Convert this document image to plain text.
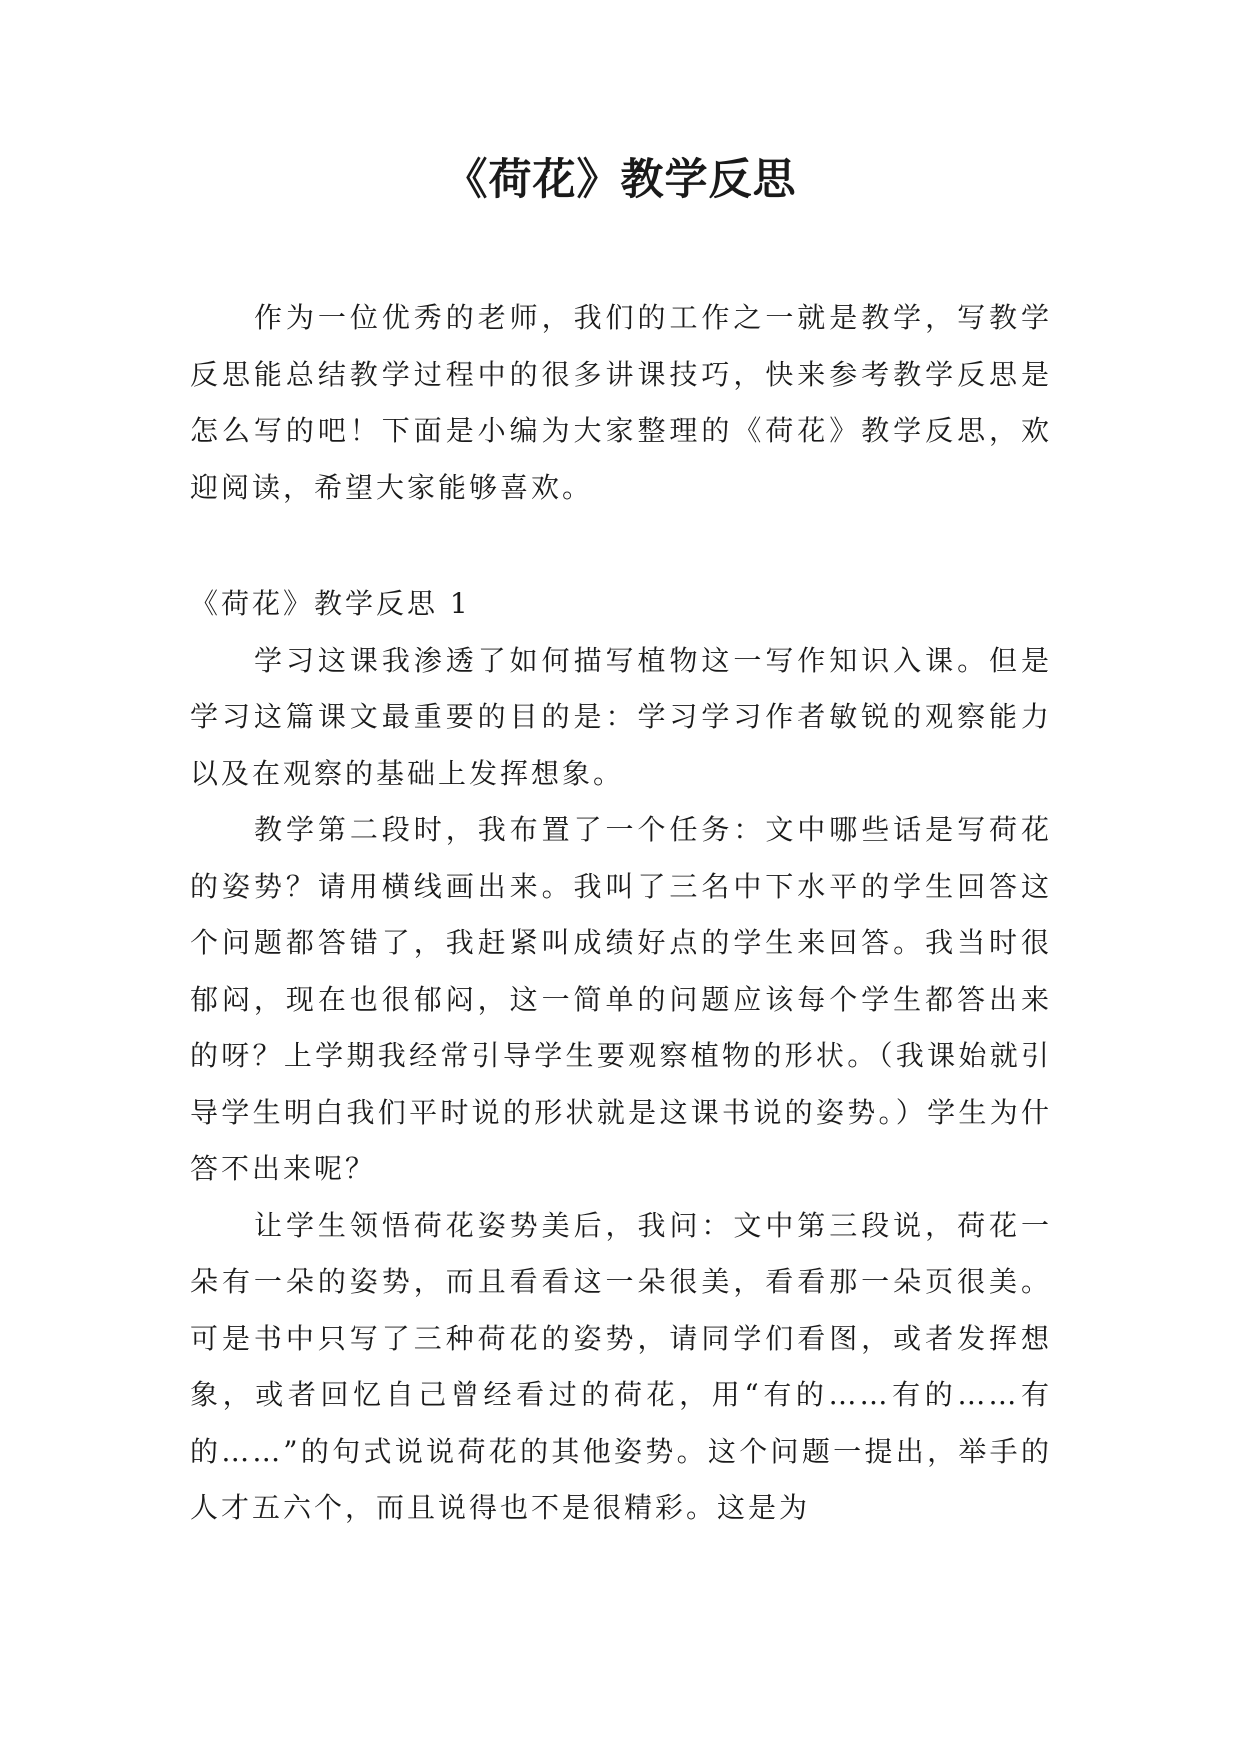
《荷花》教学反思

作为一位优秀的老师，我们的工作之一就是教学，写教学反思能总结教学过程中的很多讲课技巧，快来参考教学反思是怎么写的吧！下面是小编为大家整理的《荷花》教学反思，欢迎阅读，希望大家能够喜欢。

《荷花》教学反思 1

学习这课我渗透了如何描写植物这一写作知识入课。但是学习这篇课文最重要的目的是：学习学习作者敏锐的观察能力以及在观察的基础上发挥想象。

教学第二段时，我布置了一个任务：文中哪些话是写荷花的姿势？请用横线画出来。我叫了三名中下水平的学生回答这个问题都答错了，我赶紧叫成绩好点的学生来回答。我当时很郁闷，现在也很郁闷，这一简单的问题应该每个学生都答出来的呀？上学期我经常引导学生要观察植物的形状。（我课始就引导学生明白我们平时说的形状就是这课书说的姿势。）学生为什答不出来呢？

让学生领悟荷花姿势美后，我问：文中第三段说，荷花一朵有一朵的姿势，而且看看这一朵很美，看看那一朵页很美。可是书中只写了三种荷花的姿势，请同学们看图，或者发挥想象，或者回忆自己曾经看过的荷花，用“有的……有的……有的……”的句式说说荷花的其他姿势。这个问题一提出，举手的人才五六个，而且说得也不是很精彩。这是为
